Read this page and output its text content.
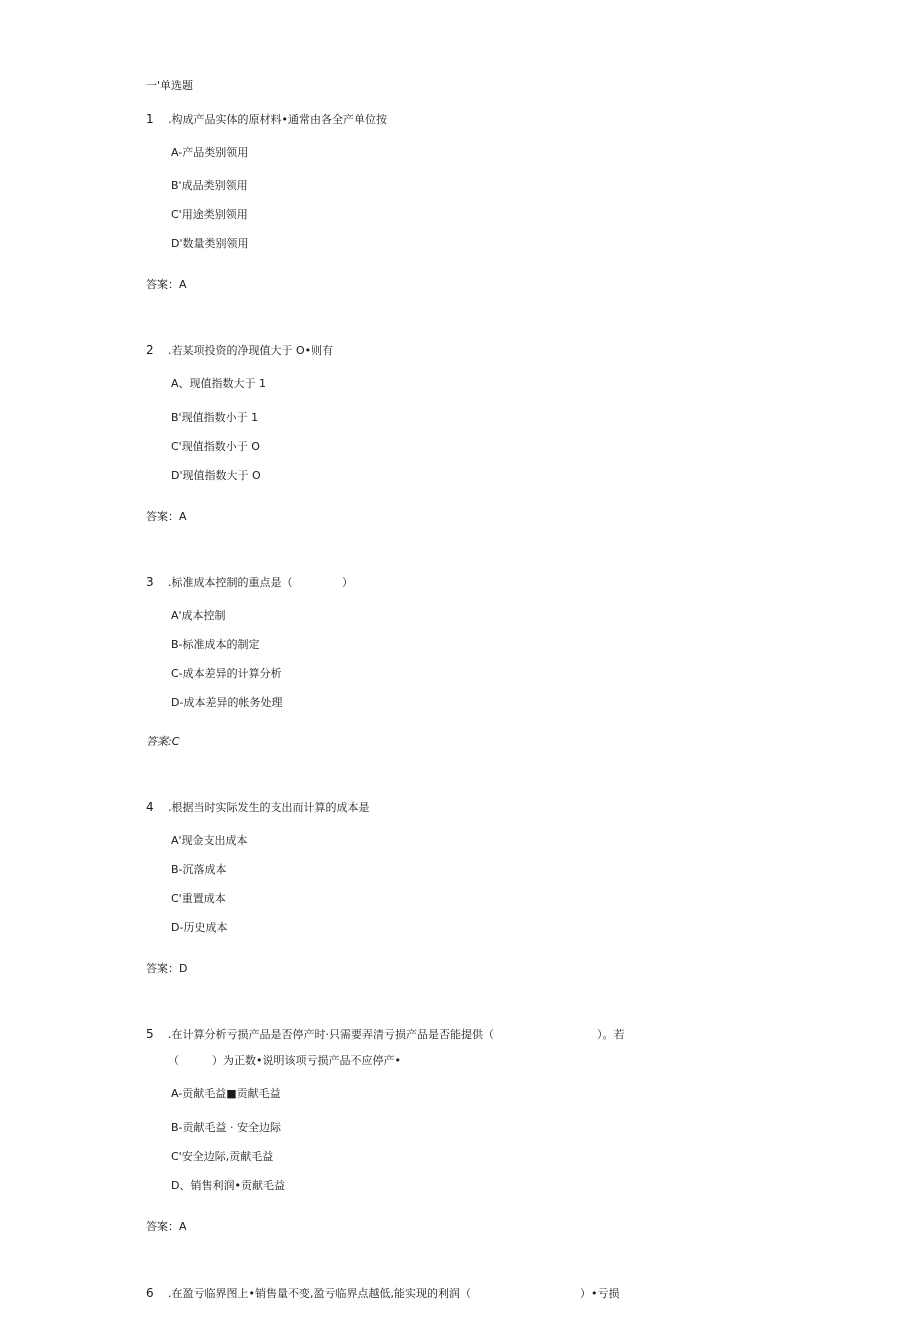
一'单选题
1 .构成产品实体的原材料•通常由各全产单位按
A-产品类别领用
B'成品类别领用
C'用途类别领用
D'数量类别领用
答案：A
2 .若某项投资的净现值大于 O•则有
A、现值指数大于 1
B'现值指数小于 1
C'现值指数小于 O
D'现值指数大于 O
答案：A
3 .标准成本控制的重点是（	）
A'成本控制
B-标准成本的制定
C-成本差异的计算分析
D-成本差异的帐务处理
答案:C
4 .根据当时实际发生的支出而计算的成本是
A'现金支出成本
B-沉落成本
C'重置成本
D-历史成本
答案：D
5 .在计算分析亏损产品是否停产时·只需要弄清亏损产品是否能提供（	）。若
（	）为正数•说明该项亏损产品不应停产•
A-贡献毛益■贡献毛益
B-贡献毛益 · 安全边际
C'安全边际,贡献毛益
D、销售利润•贡献毛益
答案：A
6 .在盈亏临界图上•销售量不变,盈亏临界点越低,能实现的利润（	）•亏损
